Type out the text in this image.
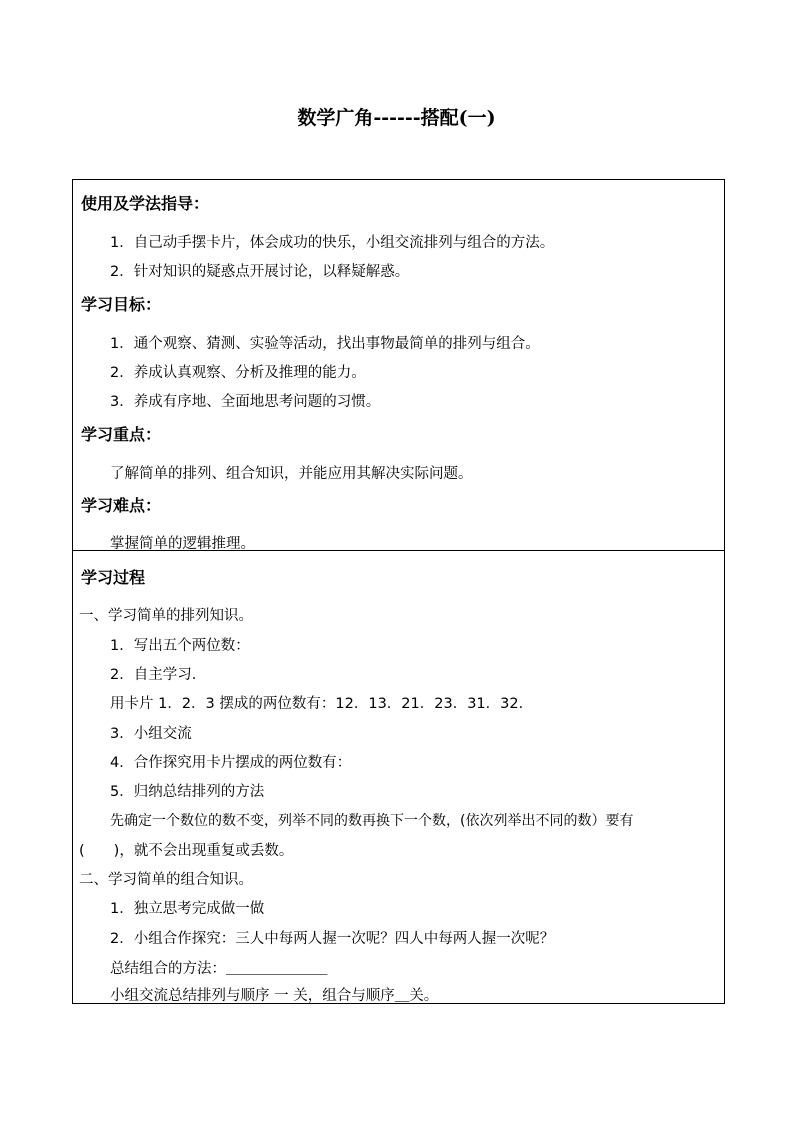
数学广角------搭配(一)
使用及学法指导：
1．自己动手摆卡片，体会成功的快乐，小组交流排列与组合的方法。
2．针对知识的疑惑点开展讨论，以释疑解惑。
学习目标：
1．通个观察、猜测、实验等活动，找出事物最简单的排列与组合。
2．养成认真观察、分析及推理的能力。
3．养成有序地、全面地思考问题的习惯。
学习重点：
了解简单的排列、组合知识，并能应用其解决实际问题。
学习难点：
掌握简单的逻辑推理。
学习过程
一、学习简单的排列知识。
1．写出五个两位数：
2．自主学习．
用卡片 1．2．3 摆成的两位数有：12．13．21．23．31．32．
3．小组交流
4．合作探究用卡片摆成的两位数有：
5．归纳总结排列的方法
先确定一个数位的数不变，列举不同的数再换下一个数，(依次列举出不同的数）要有
(　　)，就不会出现重复或丢数。
二、学习简单的组合知识。
1．独立思考完成做一做
2．小组合作探究：三人中每两人握一次呢？四人中每两人握一次呢？
总结组合的方法：＿＿＿＿＿＿＿
小组交流总结排列与顺序 一 关，组合与顺序＿关。
